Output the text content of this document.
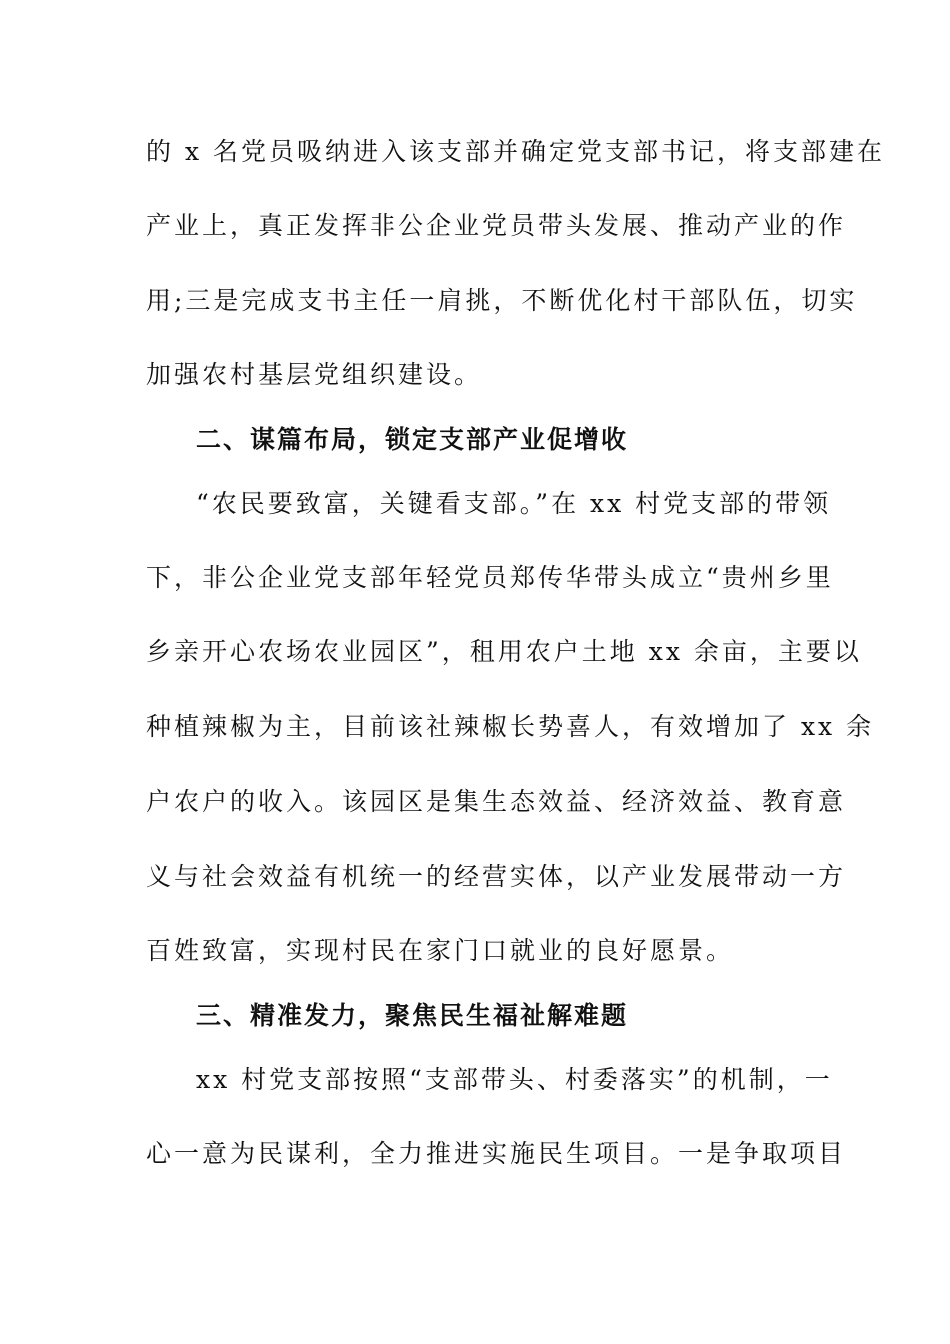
的 x 名党员吸纳进入该支部并确定党支部书记，将支部建在

产业上，真正发挥非公企业党员带头发展、推动产业的作

用;三是完成支书主任一肩挑，不断优化村干部队伍，切实

加强农村基层党组织建设。

二、谋篇布局，锁定支部产业促增收

“农民要致富，关键看支部。”在 xx 村党支部的带领

下，非公企业党支部年轻党员郑传华带头成立“贵州乡里

乡亲开心农场农业园区”，租用农户土地 xx 余亩，主要以

种植辣椒为主，目前该社辣椒长势喜人，有效增加了 xx 余

户农户的收入。该园区是集生态效益、经济效益、教育意

义与社会效益有机统一的经营实体，以产业发展带动一方

百姓致富，实现村民在家门口就业的良好愿景。

三、精准发力，聚焦民生福祉解难题

xx 村党支部按照“支部带头、村委落实”的机制，一

心一意为民谋利，全力推进实施民生项目。一是争取项目
